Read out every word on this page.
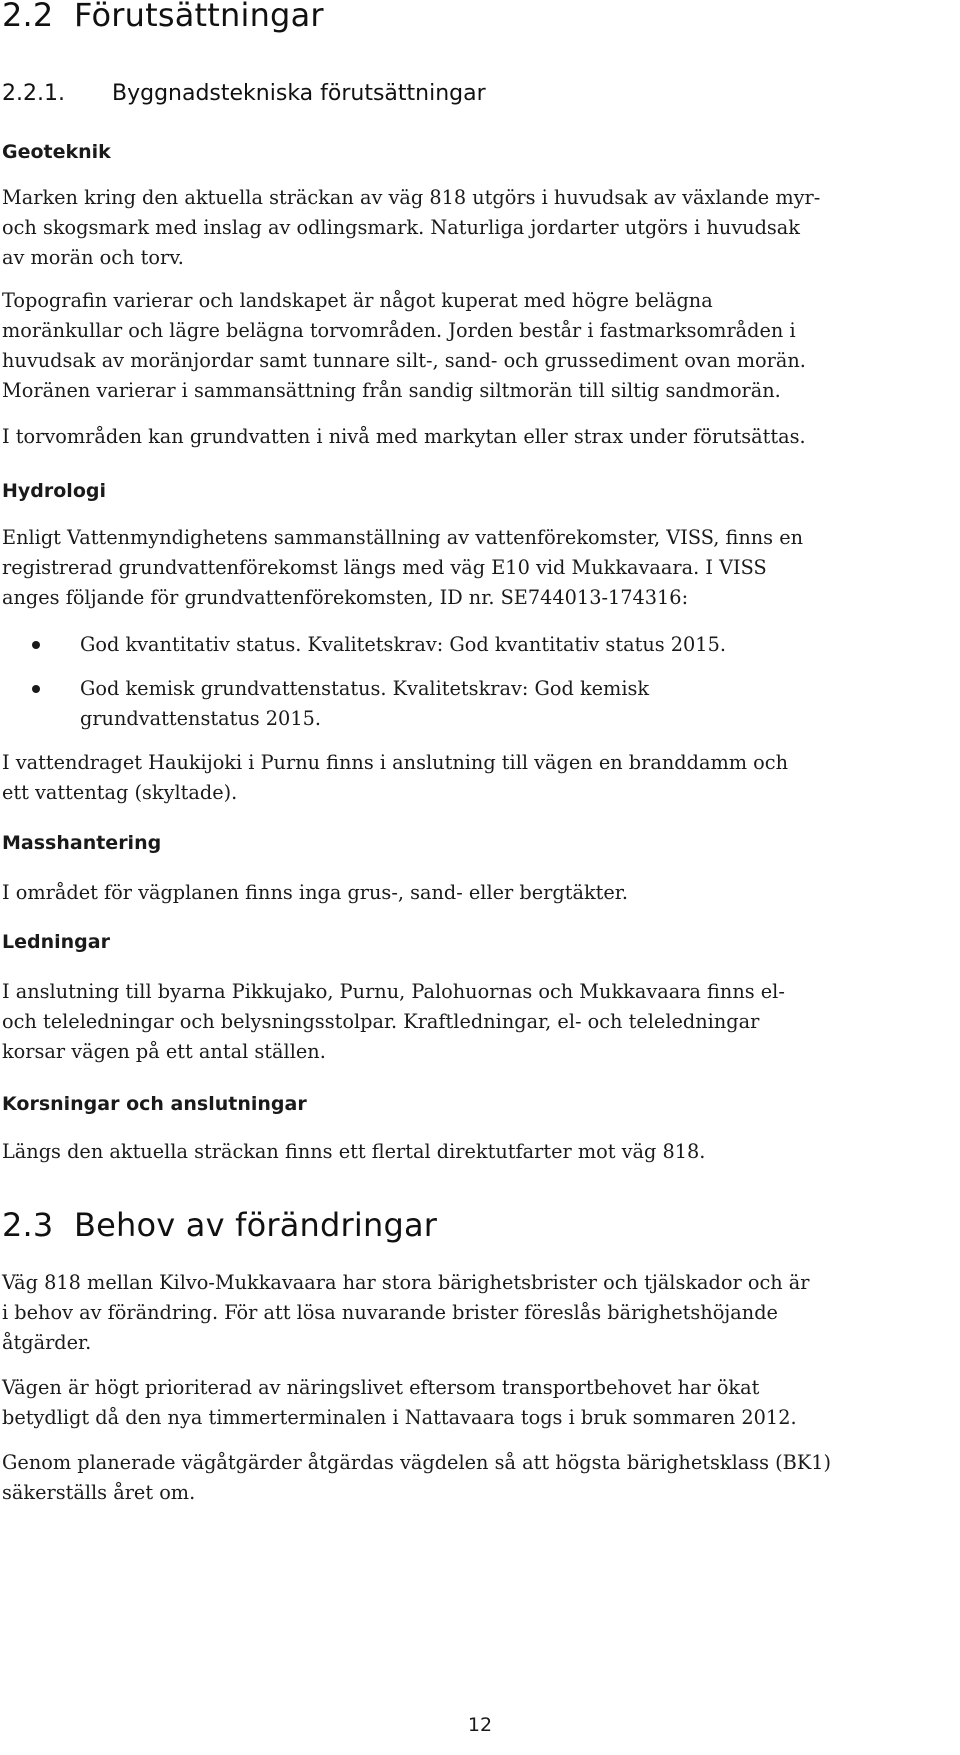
2.2 Förutsättningar
2.2.1. Byggnadstekniska förutsättningar
Geoteknik
Marken kring den aktuella sträckan av väg 818 utgörs i huvudsak av växlande myr-
och skogsmark med inslag av odlingsmark. Naturliga jordarter utgörs i huvudsak
av morän och torv.
Topografin varierar och landskapet är något kuperat med högre belägna
moränkullar och lägre belägna torvområden. Jorden består i fastmarksområden i
huvudsak av moränjordar samt tunnare silt-, sand- och grussediment ovan morän.
Moränen varierar i sammansättning från sandig siltmorän till siltig sandmorän.
I torvområden kan grundvatten i nivå med markytan eller strax under förutsättas.
Hydrologi
Enligt Vattenmyndighetens sammanställning av vattenförekomster, VISS, finns en
registrerad grundvattenförekomst längs med väg E10 vid Mukkavaara. I VISS
anges följande för grundvattenförekomsten, ID nr. SE744013-174316:
God kvantitativ status. Kvalitetskrav: God kvantitativ status 2015.
God kemisk grundvattenstatus. Kvalitetskrav: God kemisk
grundvattenstatus 2015.
I vattendraget Haukijoki i Purnu finns i anslutning till vägen en branddamm och
ett vattentag (skyltade).
Masshantering
I området för vägplanen finns inga grus-, sand- eller bergtäkter.
Ledningar
I anslutning till byarna Pikkujako, Purnu, Palohuornas och Mukkavaara finns el-
och teleledningar och belysningsstolpar. Kraftledningar, el- och teleledningar
korsar vägen på ett antal ställen.
Korsningar och anslutningar
Längs den aktuella sträckan finns ett flertal direktutfarter mot väg 818.
2.3 Behov av förändringar
Väg 818 mellan Kilvo-Mukkavaara har stora bärighetsbrister och tjälskador och är
i behov av förändring. För att lösa nuvarande brister föreslås bärighetshöjande
åtgärder.
Vägen är högt prioriterad av näringslivet eftersom transportbehovet har ökat
betydligt då den nya timmerterminalen i Nattavaara togs i bruk sommaren 2012.
Genom planerade vägåtgärder åtgärdas vägdelen så att högsta bärighetsklass (BK1)
säkerställs året om.
12
